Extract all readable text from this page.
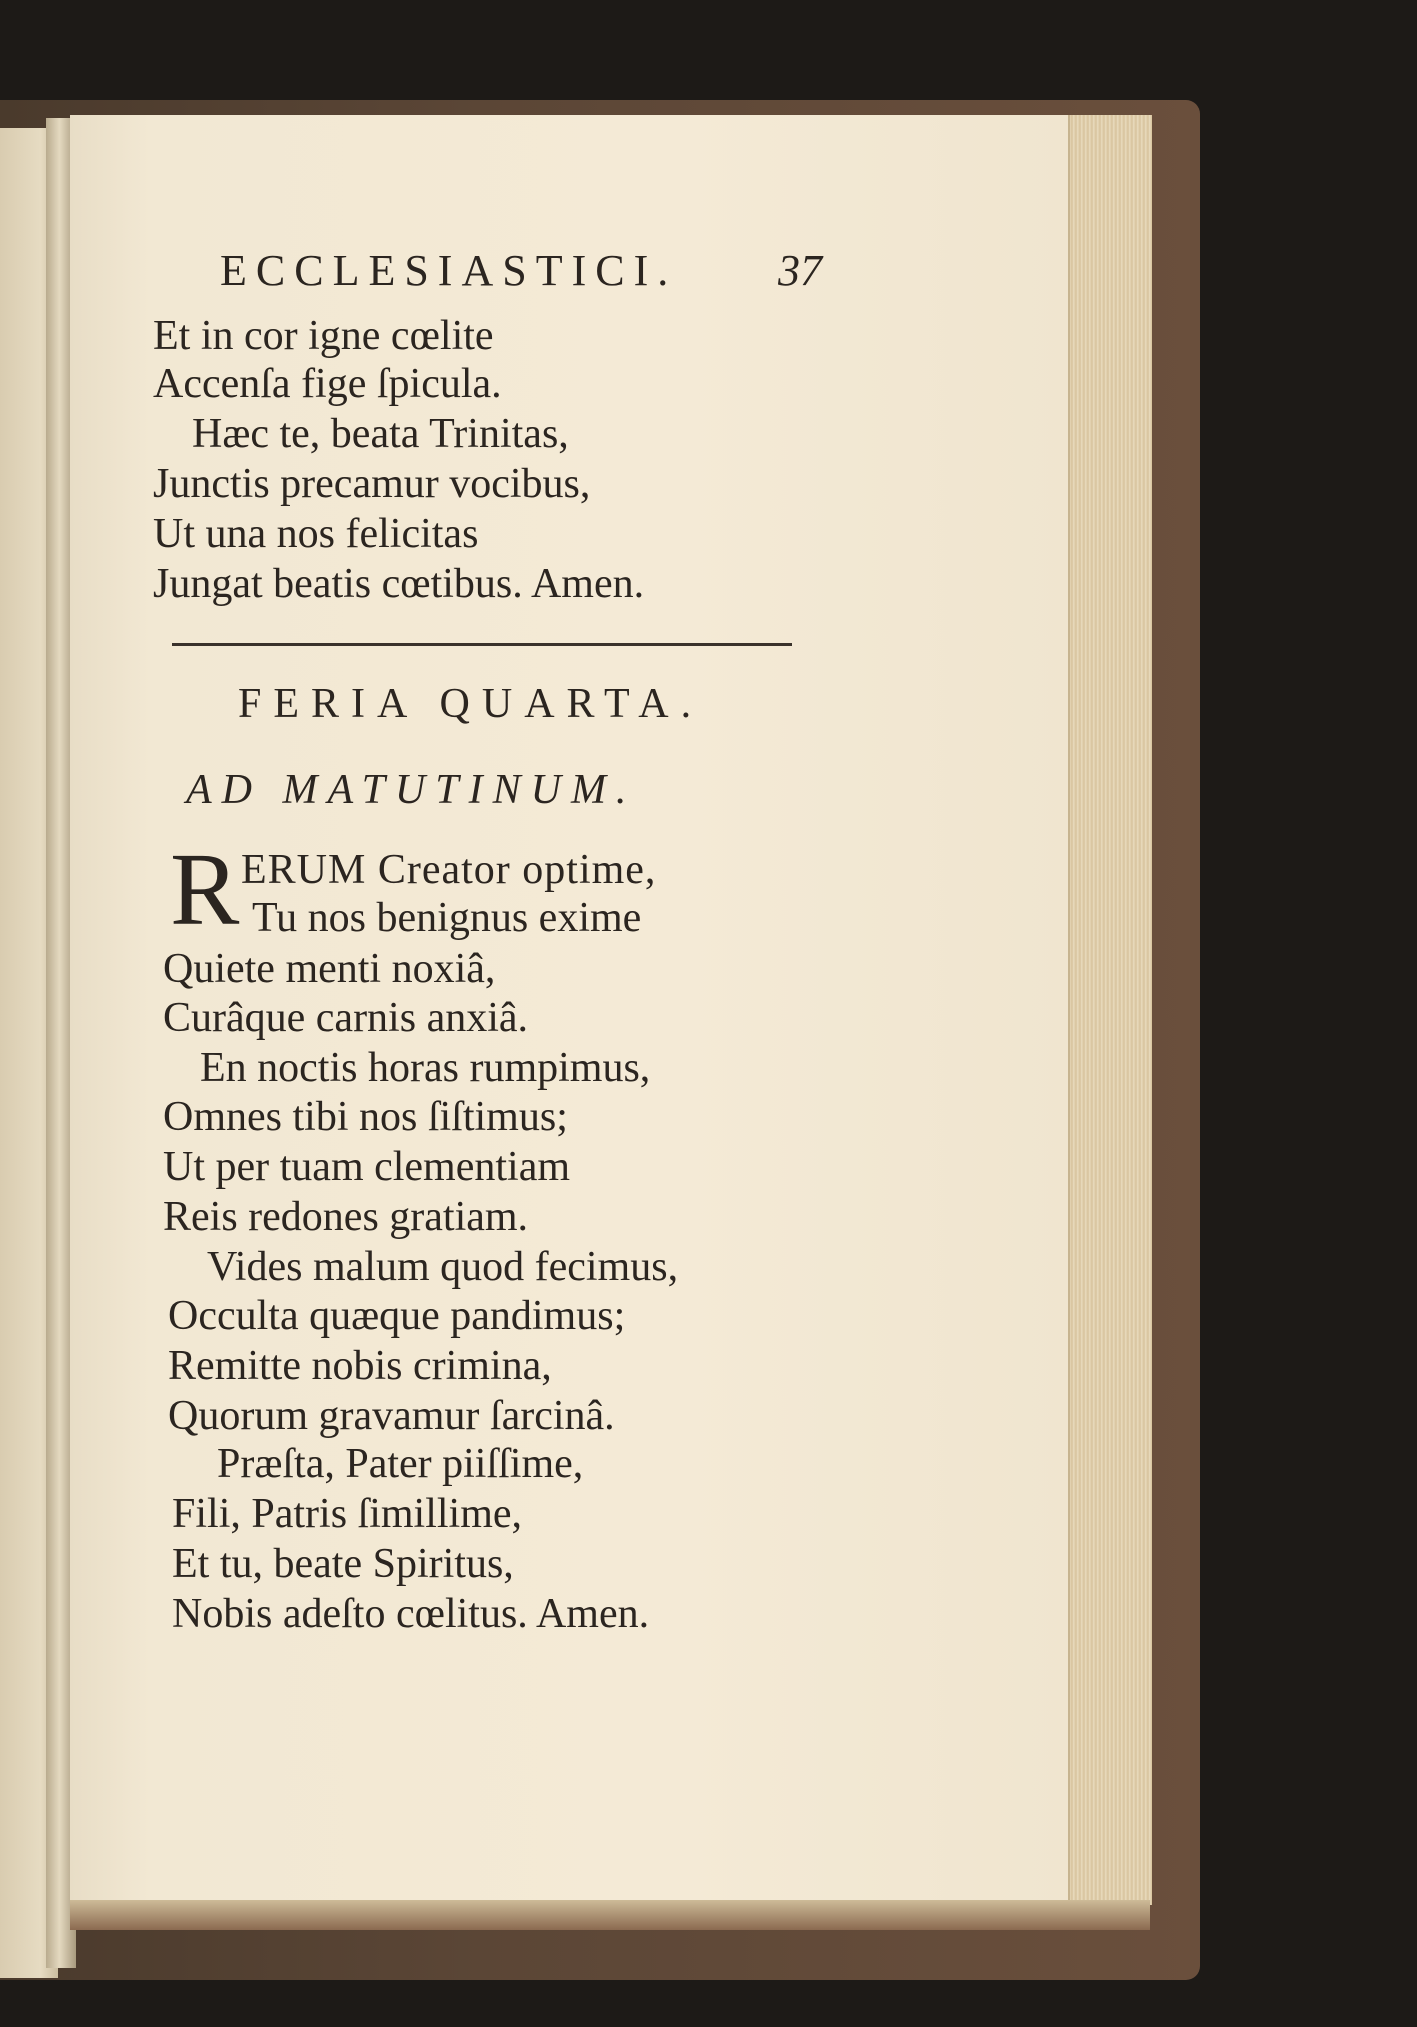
ECCLESIASTICI. 37
Et in cor igne cœlite
Accenſa fige ſpicula.
Hæc te, beata Trinitas,
Junctis precamur vocibus,
Ut una nos felicitas
Jungat beatis cœtibus. Amen.
FERIA QUARTA.
AD MATUTINUM.
R ERUM Creator optime,
Tu nos benignus exime
Quiete menti noxiâ,
Curâque carnis anxiâ.
En noctis horas rumpimus,
Omnes tibi nos ſiſtimus;
Ut per tuam clementiam
Reis redones gratiam.
Vides malum quod fecimus,
Occulta quæque pandimus;
Remitte nobis crimina,
Quorum gravamur ſarcinâ.
Præſta, Pater piiſſime,
Fili, Patris ſimillime,
Et tu, beate Spiritus,
Nobis adeſto cœlitus. Amen.
